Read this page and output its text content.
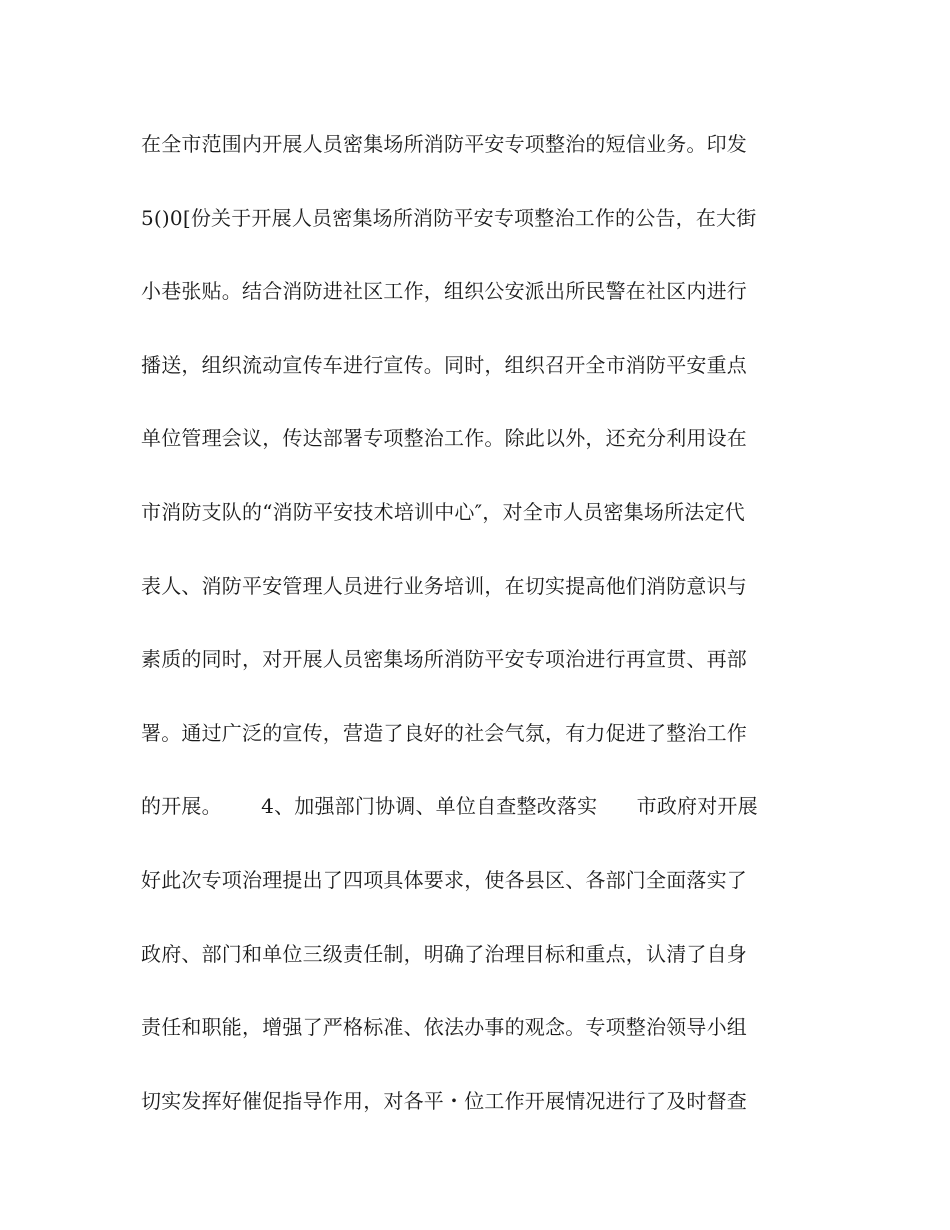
在全市范围内开展人员密集场所消防平安专项整治的短信业务。印发
5()0[份关于开展人员密集场所消防平安专项整治工作的公告，在大街
小巷张贴。结合消防进社区工作，组织公安派出所民警在社区内进行
播送，组织流动宣传车进行宣传。同时，组织召开全市消防平安重点
单位管理会议，传达部署专项整治工作。除此以外，还充分利用设在
市消防支队的“消防平安技术培训中心″，对全市人员密集场所法定代
表人、消防平安管理人员进行业务培训，在切实提高他们消防意识与
素质的同时，对开展人员密集场所消防平安专项治进行再宣贯、再部
署。通过广泛的宣传，营造了良好的社会气氛，有力促进了整治工作
的开展。      4、加强部门协调、单位自查整改落实      市政府对开展
好此次专项治理提出了四项具体要求，使各县区、各部门全面落实了
政府、部门和单位三级责任制，明确了治理目标和重点，认清了自身
责任和职能，增强了严格标准、依法办事的观念。专项整治领导小组
切实发挥好催促指导作用，对各平・位工作开展情况进行了及时督查
